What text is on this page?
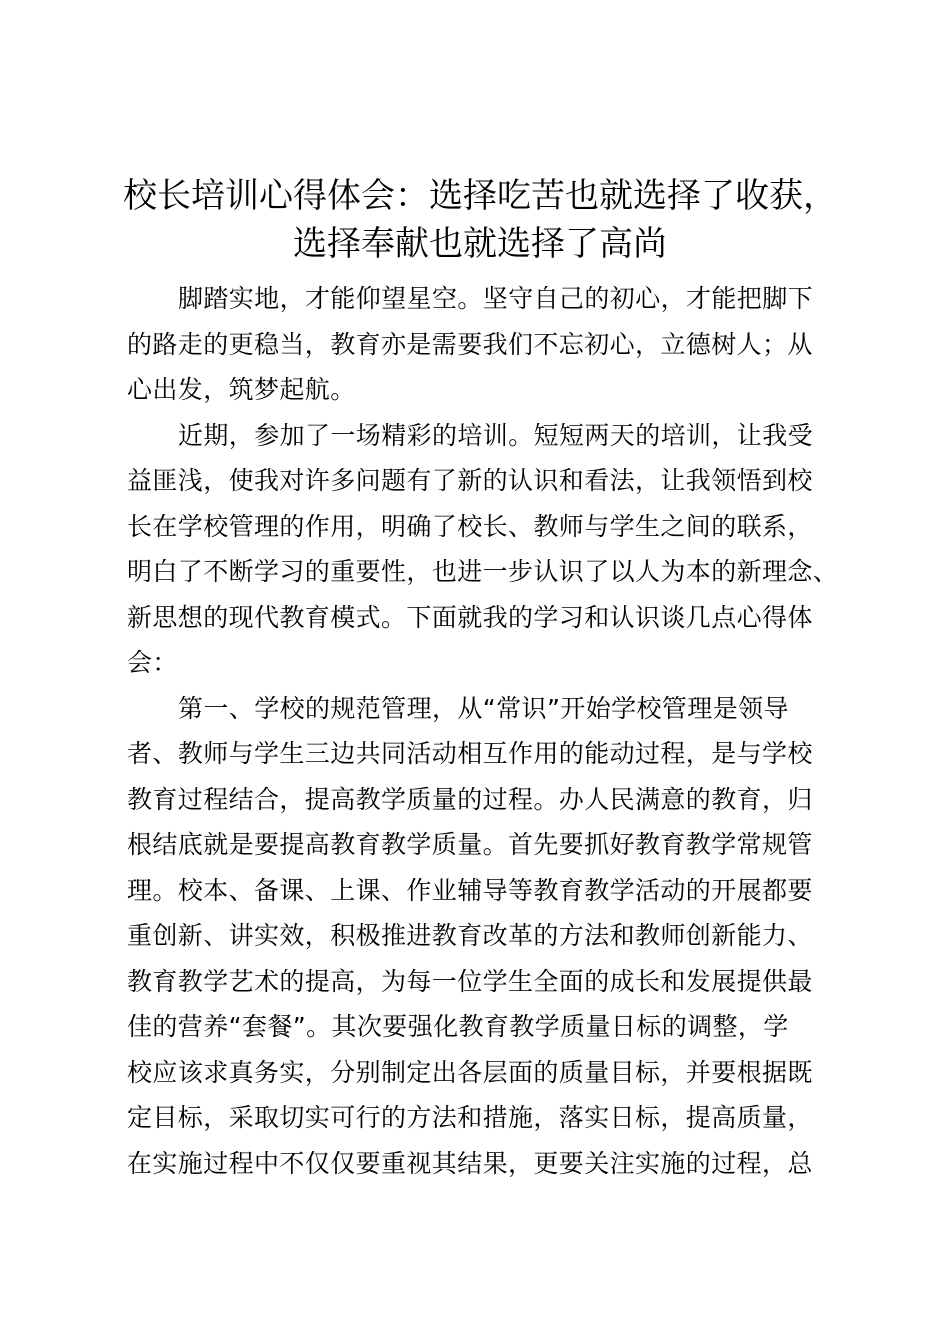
校长培训心得体会：选择吃苦也就选择了收获，
选择奉献也就选择了高尚

脚踏实地，才能仰望星空。坚守自己的初心，才能把脚下
的路走的更稳当，教育亦是需要我们不忘初心，立德树人；从
心出发，筑梦起航。

近期，参加了一场精彩的培训。短短两天的培训，让我受
益匪浅，使我对许多问题有了新的认识和看法，让我领悟到校
长在学校管理的作用，明确了校长、教师与学生之间的联系，
明白了不断学习的重要性，也进一步认识了以人为本的新理念、
新思想的现代教育模式。下面就我的学习和认识谈几点心得体
会：

第一、学校的规范管理，从“常识”开始学校管理是领导
者、教师与学生三边共同活动相互作用的能动过程，是与学校
教育过程结合，提高教学质量的过程。办人民满意的教育，归
根结底就是要提高教育教学质量。首先要抓好教育教学常规管
理。校本、备课、上课、作业辅导等教育教学活动的开展都要
重创新、讲实效，积极推进教育改革的方法和教师创新能力、
教育教学艺术的提高，为每一位学生全面的成长和发展提供最
佳的营养“套餐”。其次要强化教育教学质量日标的调整，学
校应该求真务实，分别制定出各层面的质量目标，并要根据既
定目标，采取切实可行的方法和措施，落实日标，提高质量，
在实施过程中不仅仅要重视其结果，更要关注实施的过程，总
